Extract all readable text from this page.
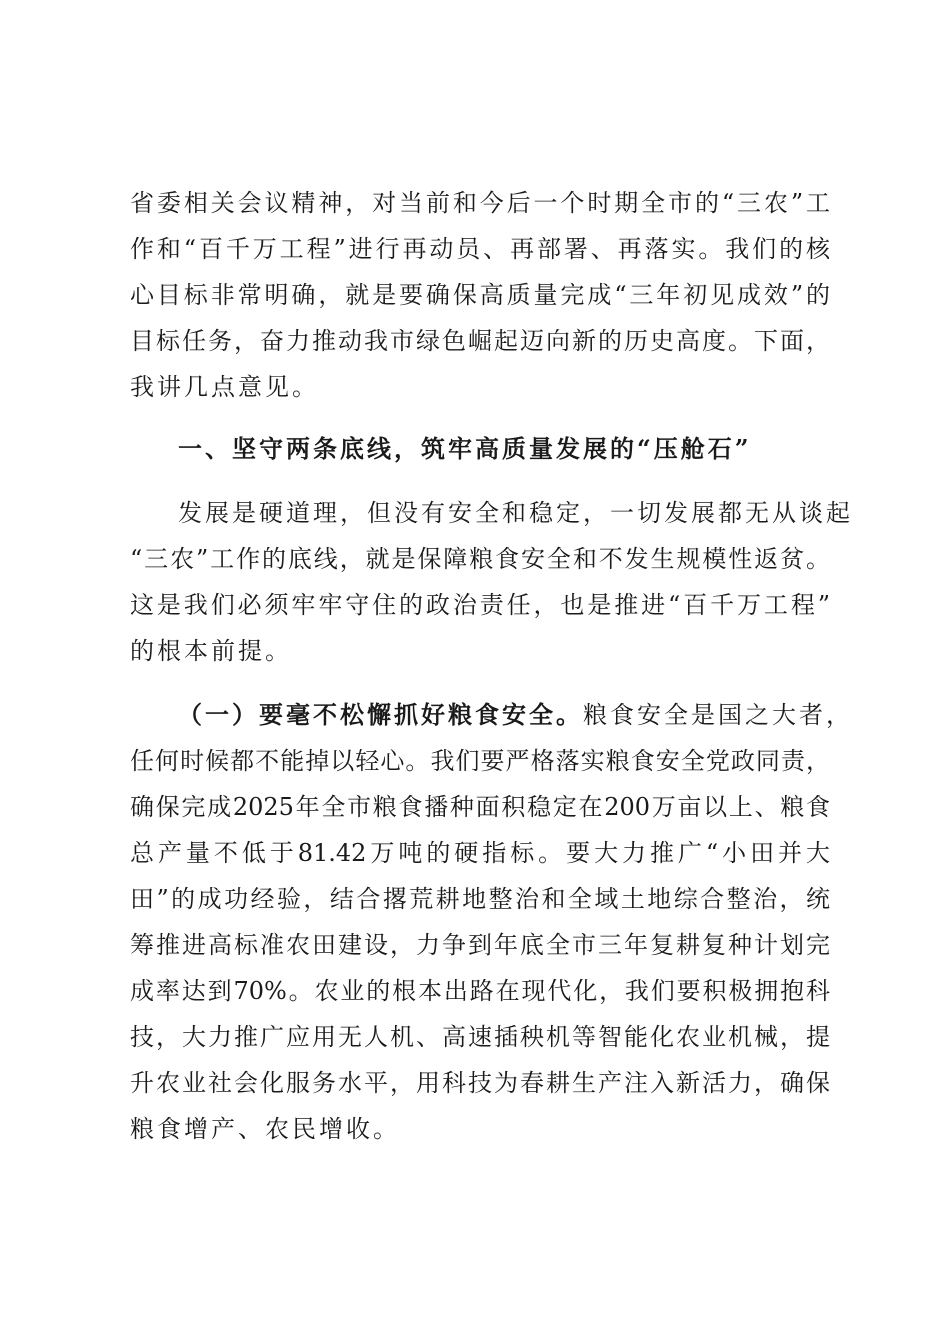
省委相关会议精神，对当前和今后一个时期全市的“三农”工

作和“百千万工程”进行再动员、再部署、再落实。我们的核

心目标非常明确，就是要确保高质量完成“三年初见成效”的

目标任务，奋力推动我市绿色崛起迈向新的历史高度。下面，

我讲几点意见。

一、坚守两条底线，筑牢高质量发展的“压舱石”

发展是硬道理，但没有安全和稳定，一切发展都无从谈起

“三农”工作的底线，就是保障粮食安全和不发生规模性返贫。

这是我们必须牢牢守住的政治责任，也是推进“百千万工程”

的根本前提。

（一）要毫不松懈抓好粮食安全。粮食安全是国之大者，

任何时候都不能掉以轻心。我们要严格落实粮食安全党政同责，

确保完成2025年全市粮食播种面积稳定在200万亩以上、粮食

总产量不低于81.42万吨的硬指标。要大力推广“小田并大

田”的成功经验，结合撂荒耕地整治和全域土地综合整治，统

筹推进高标准农田建设，力争到年底全市三年复耕复种计划完

成率达到70%。农业的根本出路在现代化，我们要积极拥抱科

技，大力推广应用无人机、高速插秧机等智能化农业机械，提

升农业社会化服务水平，用科技为春耕生产注入新活力，确保

粮食增产、农民增收。
